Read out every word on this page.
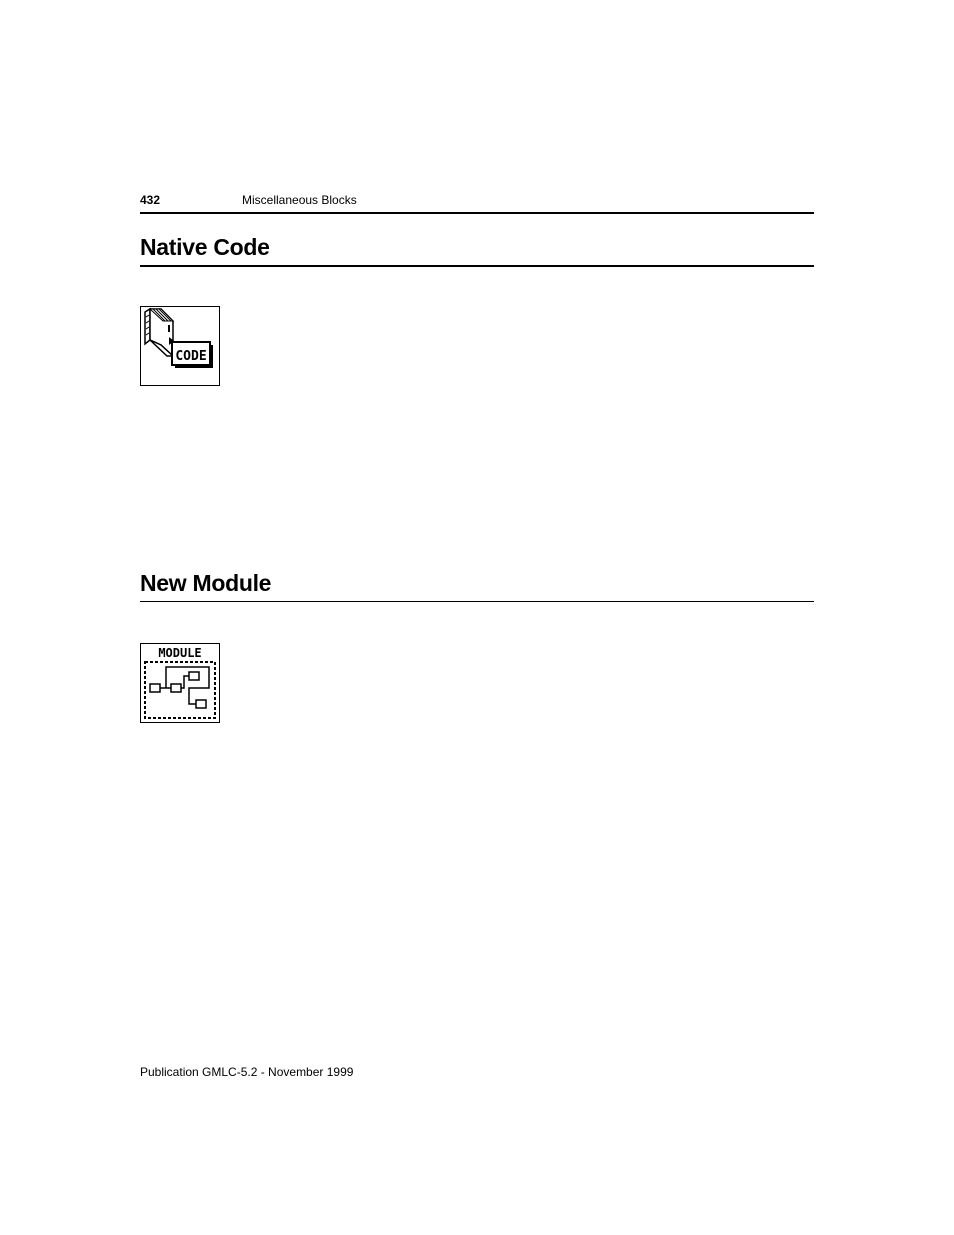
432	Miscellaneous Blocks
Native Code
CODE
New Module
MODULE
Publication GMLC-5.2 - November 1999
